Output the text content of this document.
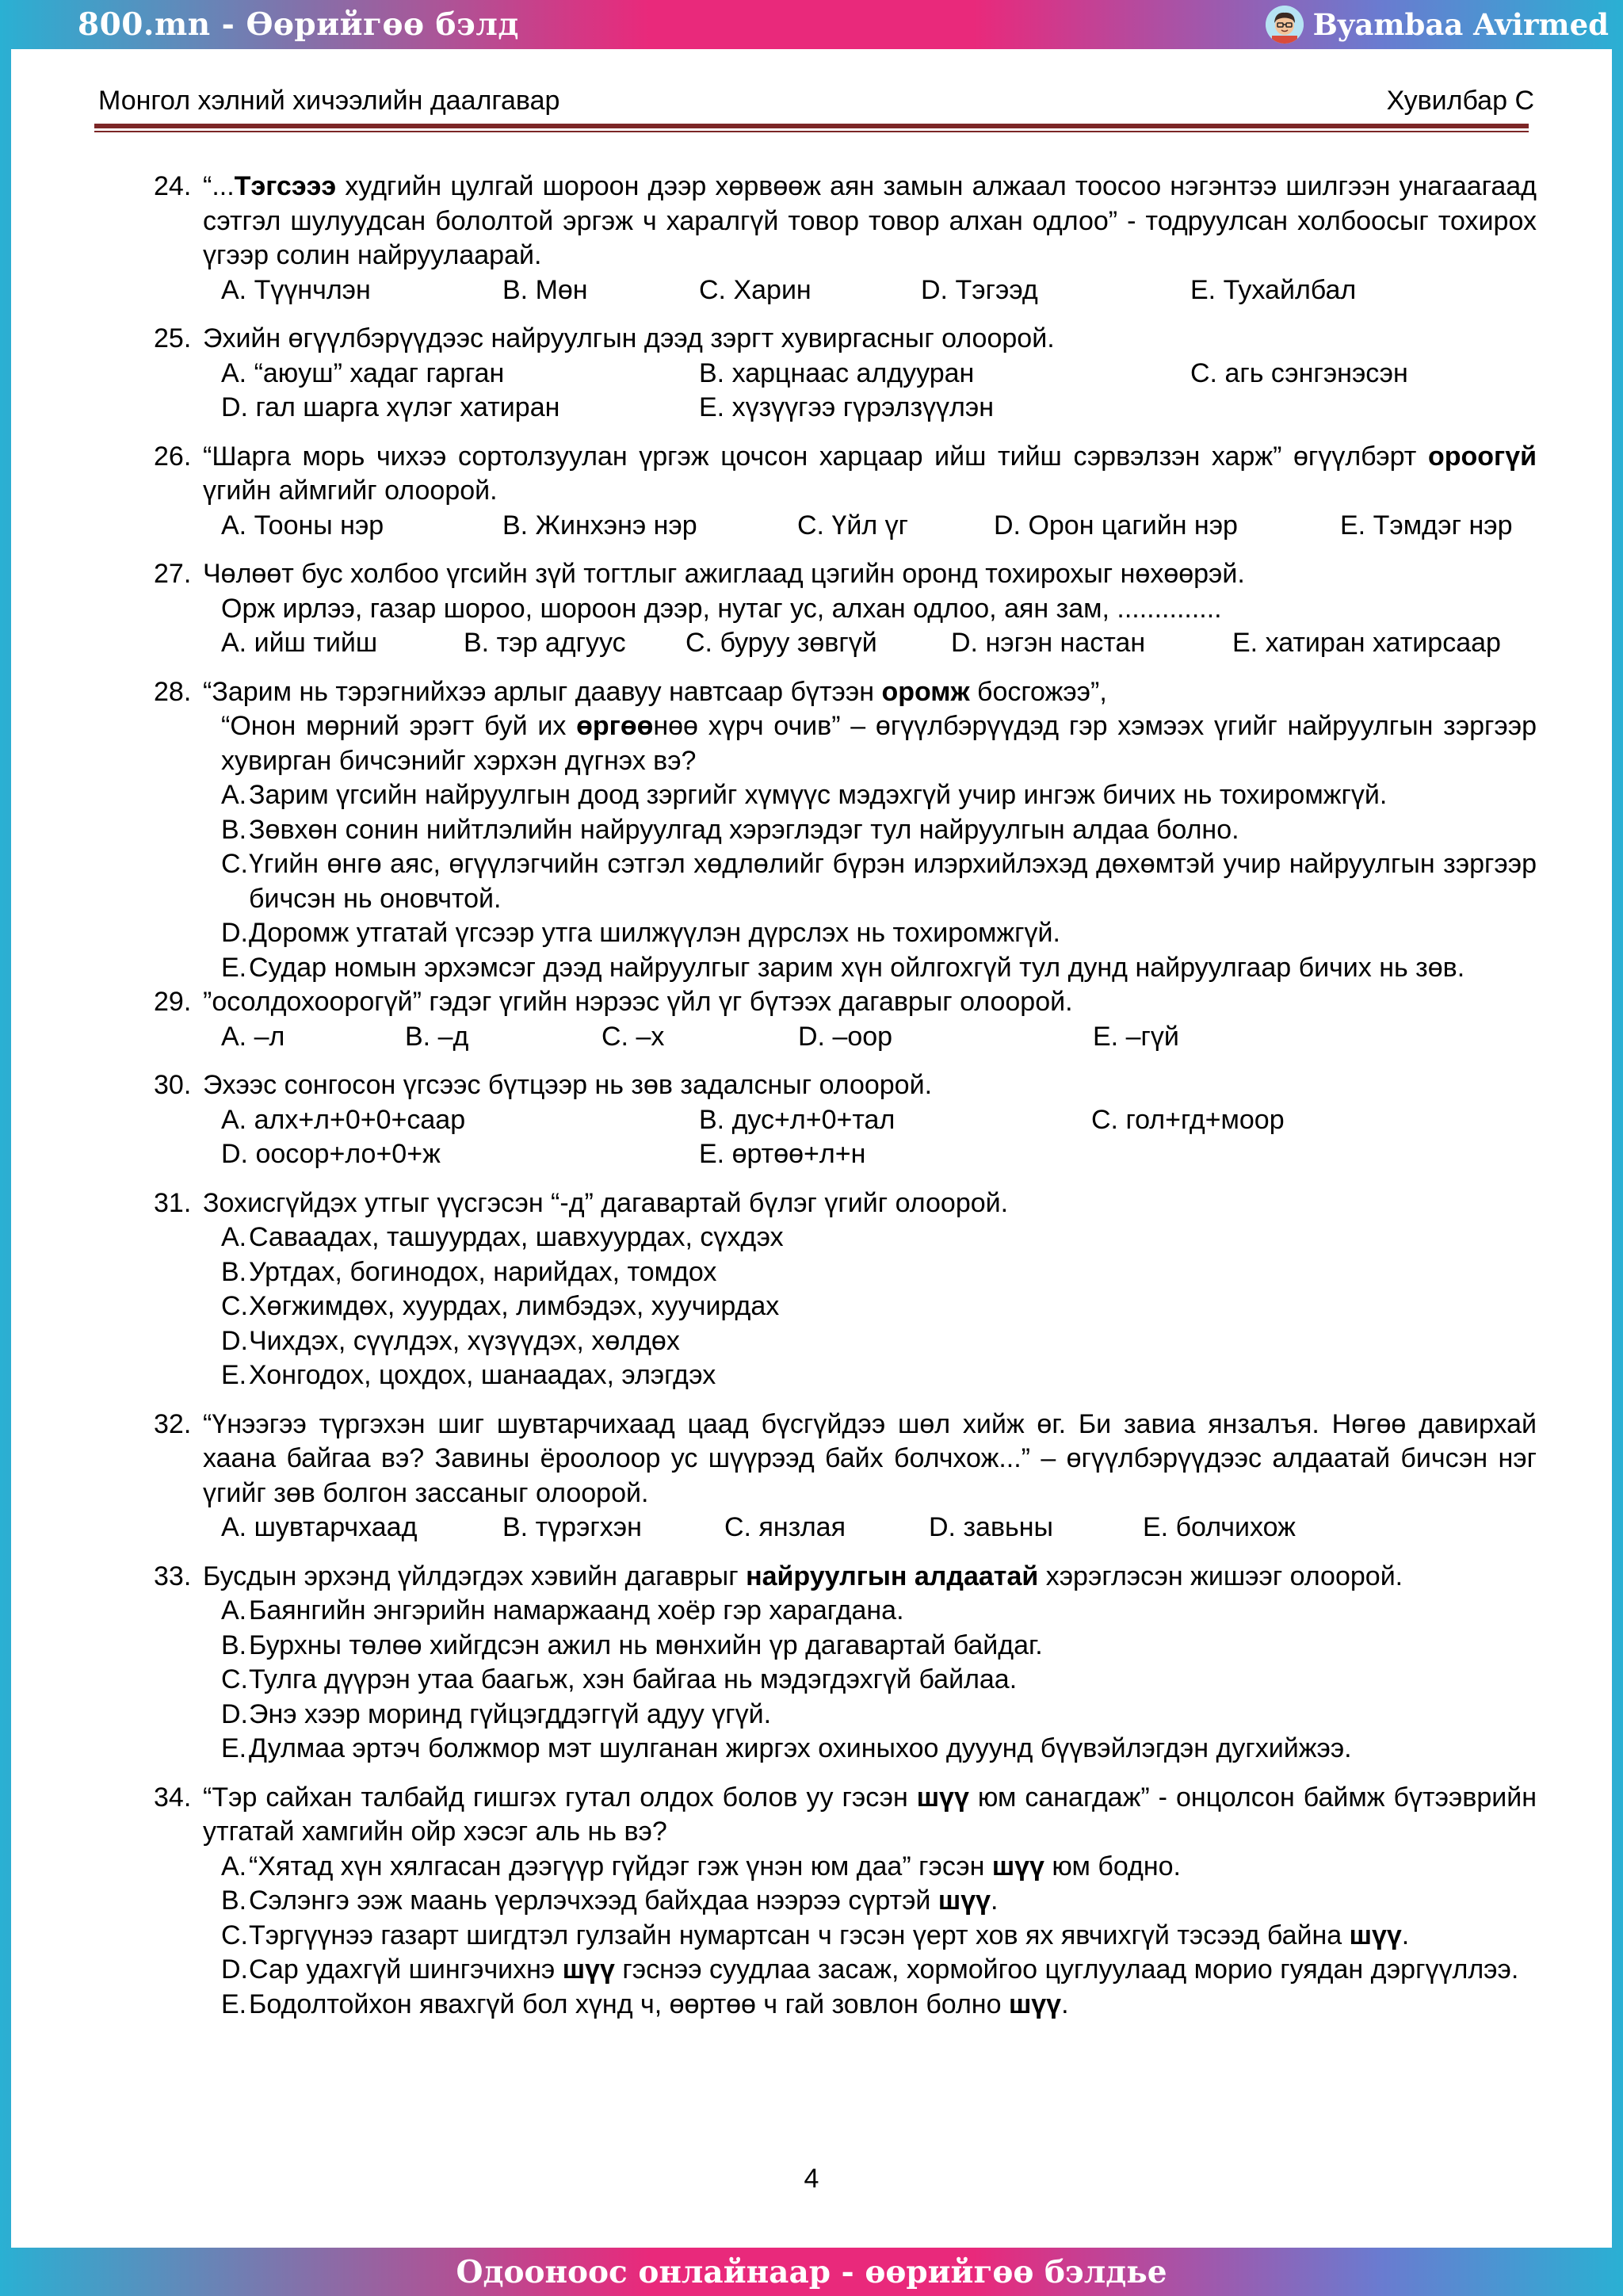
800.mn - Өөрийгөө бэлд	Byambaa Avirmed
Монгол хэлний хичээлийн даалгавар	Хувилбар С
24. “...Тэгсэээ худгийн цулгай шороон дээр хөрвөөж аян замын алжаал тоосоо нэгэнтээ шилгээн унагаагаад сэтгэл шулуудсан бололтой эргэж ч хаpалгүй товор товор алхан одлоо” - тодруулсан холбоосыг тохирох үгээр солин найруулаарай.
A. Түүнчлэн	B. Мөн	C. Харин	D. Тэгээд	E. Тухайлбал
25. Эхийн өгүүлбэрүүдээс найруулгын дээд зэргт хувиргасныг олоорой.
A. “аюуш” хадаг гарган	B. харцнаас алдууран	C. агь сэнгэнэсэн
D. гал шарга хүлэг хатиран	E. хүзүүгээ гүрэлзүүлэн
26. “Шарга морь чихээ сортолзуулан үргэж цочсон харцаар ийш тийш сэрвэлзэн харж” өгүүлбэрт ороогүй үгийн аймгийг олоорой.
A. Тооны нэр	B. Жинхэнэ нэр	C. Үйл үг	D. Орон цагийн нэр	E. Тэмдэг нэр
27. Чөлөөт бус холбоо үгсийн зүй тогтлыг ажиглаад цэгийн оронд тохирохыг нөхөөрэй.
Орж ирлээ, газар шороо, шороон дээр, нутаг ус, алхан одлоо, аян зам, ..............
A. ийш тийш	B. тэр адгуус	C. буруу зөвгүй	D. нэгэн настан	E. хатиран хатирсаар
28. “Зарим нь тэрэгнийхээ арлыг даавуу навтсаар бүтээн оромж босгожээ”,
“Онон мөрний эрэгт буй их өргөөнөө хүрч очив” – өгүүлбэрүүдэд гэр хэмээх үгийг найруулгын зэргээр хувирган бичсэнийг хэрхэн дүгнэх вэ?
A. Зарим үгсийн найруулгын доод зэргийг хүмүүс мэдэхгүй учир ингэж бичих нь тохиромжгүй.
B. Зөвхөн сонин нийтлэлийн найруулгад хэрэглэдэг тул найруулгын алдаа болно.
C. Үгийн өнгө аяс, өгүүлэгчийн сэтгэл хөдлөлийг бүрэн илэрхийлэхэд дөхөмтэй учир найруулгын зэргээр бичсэн нь оновчтой.
D. Доромж утгатай үгсээр утга шилжүүлэн дүрслэх нь тохиромжгүй.
E. Судар номын эрхэмсэг дээд найруулгыг зарим хүн ойлгохгүй тул дунд найруулгаар бичих нь зөв.
29. ”осолдохоорогүй” гэдэг үгийн нэрээс үйл үг бүтээх дагаврыг олоорой.
A. –л	B. –д	C. –х	D. –оор	E. –гүй
30. Эхээс сонгосон үгсээс бүтцээр нь зөв задалсныг олоорой.
A. алх+л+0+0+саар	B. дус+л+0+тал	C. гол+гд+моор
D. оосор+ло+0+ж	E. өртөө+л+н
31. Зохисгүйдэх утгыг үүсгэсэн “-д” дагавартай бүлэг үгийг олоорой.
A. Саваадах, ташуурдах, шавхуурдах, сүхдэх
B. Уртдах, богинодох, нарийдах, томдох
C. Хөгжимдөх, хуурдах, лимбэдэх, хуучирдах
D. Чихдэх, сүүлдэх, хүзүүдэх, хөлдөх
E. Хонгодох, цохдох, шанаадах, элэгдэх
32. “Үнээгээ түргэхэн шиг шувтарчихаад цаад бүсгүйдээ шөл хийж өг. Би завиа янзалъя. Нөгөө давирхай хаана байгаа вэ? Завины ёроолоор ус шүүрээд байх болчхож...” – өгүүлбэрүүдээс алдаатай бичсэн нэг үгийг зөв болгон зассаныг олоорой.
A. шувтарчхаад	B. түрэгхэн	C. янзлая	D. завьны	E. болчихож
33. Бусдын эрхэнд үйлдэгдэх хэвийн дагаврыг найруулгын алдаатай хэрэглэсэн жишээг олоорой.
A. Баянгийн энгэрийн намаржаанд хоёр гэр харагдана.
B. Бурхны төлөө хийгдсэн ажил нь мөнхийн үр дагавартай байдаг.
C. Тулга дүүрэн утаа баагьж, хэн байгаа нь мэдэгдэхгүй байлаа.
D. Энэ хээр моринд гүйцэгддэггүй адуу үгүй.
E. Дулмаа эртэч болжмор мэт шулганан жиргэх охиныхоо дууунд бүүвэйлэгдэн дугхийжээ.
34. “Тэр сайхан талбайд гишгэх гутал олдох болов уу гэсэн шүү юм санагдаж” - онцолсон баймж бүтээврийн утгатай хамгийн ойр хэсэг аль нь вэ?
A. “Хятад хүн хялгасан дээгүүр гүйдэг гэж үнэн юм даа” гэсэн шүү юм бодно.
B. Сэлэнгэ ээж маань үерлэчхээд байхдаа нээрээ сүртэй шүү.
C. Тэргүүнээ газарт шигдтэл гулзайн нумартсан ч гэсэн үерт хов ях явчихгүй тэсээд байна шүү.
D. Сар удахгүй шингэчихнэ шүү гэснээ суудлаа засаж, хормойгоо цуглуулаад морио гуядан дэргүүллээ.
E. Бодолтойхон явахгүй бол хүнд ч, өөртөө ч гай зовлон болно шүү.
4
Одоонoос онлайнаар - өөрийгөө бэлдье
